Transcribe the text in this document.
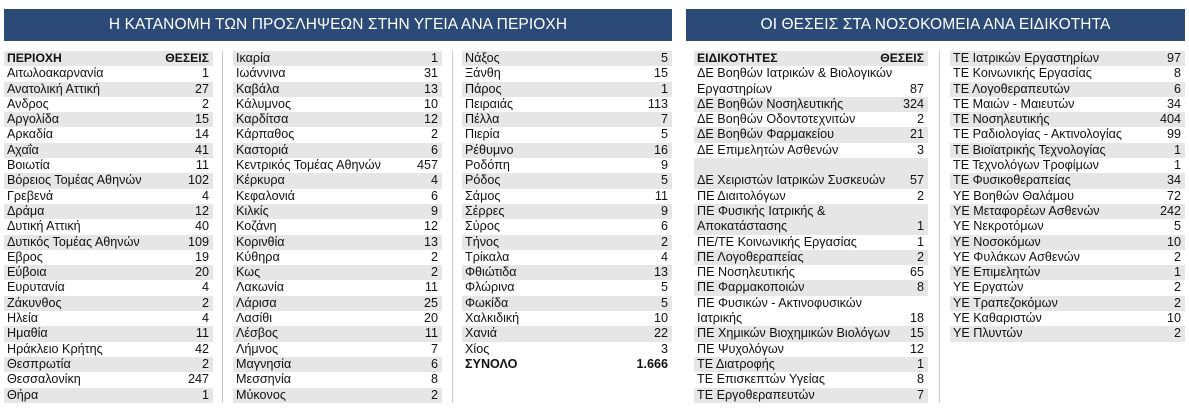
Η ΚΑΤΑΝΟΜΗ ΤΩΝ ΠΡΟΣΛΗΨΕΩΝ ΣΤΗΝ ΥΓΕΙΑ ΑΝΑ ΠΕΡΙΟΧΗ	ΟΙ ΘΕΣΕΙΣ ΣΤΑ ΝΟΣΟΚΟΜΕΙΑ ΑΝΑ ΕΙΔΙΚΟΤΗΤΑ
ΠΕΡΙΟΧΗ	ΘΕΣΕΙΣ
Αιτωλοακαρνανία	1
Ανατολική Αττική	27
Ανδρος	2
Αργολίδα	15
Αρκαδία	14
Αχαΐα	41
Βοιωτία	11
Βόρειος Τομέας Αθηνών	102
Γρεβενά	4
Δράμα	12
Δυτική Αττική	40
Δυτικός Τομέας Αθηνών	109
Εβρος	19
Εύβοια	20
Ευρυτανία	4
Ζάκυνθος	2
Ηλεία	4
Ημαθία	11
Ηράκλειο Κρήτης	42
Θεσπρωτία	2
Θεσσαλονίκη	247
Θήρα	1
Ικαρία	1
Ιωάννινα	31
Καβάλα	13
Κάλυμνος	10
Καρδίτσα	12
Κάρπαθος	2
Καστοριά	6
Κεντρικός Τομέας Αθηνών	457
Κέρκυρα	4
Κεφαλονιά	6
Κιλκίς	9
Κοζάνη	12
Κορινθία	13
Κύθηρα	2
Κως	2
Λακωνία	11
Λάρισα	25
Λασίθι	20
Λέσβος	11
Λήμνος	7
Μαγνησία	6
Μεσσηνία	8
Μύκονος	2
Νάξος	5
Ξάνθη	15
Πάρος	1
Πειραιάς	113
Πέλλα	7
Πιερία	5
Ρέθυμνο	16
Ροδόπη	9
Ρόδος	5
Σάμος	11
Σέρρες	9
Σύρος	6
Τήνος	2
Τρίκαλα	4
Φθιώτιδα	13
Φλώρινα	5
Φωκίδα	5
Χαλκιδική	10
Χανιά	22
Χίος	3
ΣΥΝΟΛΟ	1.666
ΕΙΔΙΚΟΤΗΤΕΣ	ΘΕΣΕΙΣ
ΔΕ Βοηθών Ιατρικών & Βιολογικών Εργαστηρίων	87
ΔΕ Βοηθών Νοσηλευτικής	324
ΔΕ Βοηθών Οδοντοτεχνιτών	2
ΔΕ Βοηθών Φαρμακείου	21
ΔΕ Επιμελητών Ασθενών	3
ΔΕ Χειριστών Ιατρικών Συσκευών	57
ΠΕ Διαιτολόγων	2
ΠΕ Φυσικής Ιατρικής & Αποκατάστασης	1
ΠΕ/ΤΕ Κοινωνικής Εργασίας	1
ΠΕ Λογοθεραπείας	2
ΠΕ Νοσηλευτικής	65
ΠΕ Φαρμακοποιών	8
ΠΕ Φυσικών - Ακτινοφυσικών Ιατρικής	18
ΠΕ Χημικών Βιοχημικών Βιολόγων	15
ΠΕ Ψυχολόγων	12
ΤΕ Διατροφής	1
ΤΕ Επισκεπτών Υγείας	8
ΤΕ Εργοθεραπευτών	7
ΤΕ Ιατρικών Εργαστηρίων	97
ΤΕ Κοινωνικής Εργασίας	8
ΤΕ Λογοθεραπευτών	6
ΤΕ Μαιών - Μαιευτών	34
ΤΕ Νοσηλευτικής	404
ΤΕ Ραδιολογίας - Ακτινολογίας	99
ΤΕ Βιοϊατρικής Τεχνολογίας	1
ΤΕ Τεχνολόγων Τροφίμων	1
ΤΕ Φυσικοθεραπείας	34
ΥΕ Βοηθών Θαλάμου	72
ΥΕ Μεταφορέων Ασθενών	242
ΥΕ Νεκροτόμων	5
ΥΕ Νοσοκόμων	10
ΥΕ Φυλάκων Ασθενών	2
ΥΕ Επιμελητών	1
ΥΕ Εργατών	2
ΥΕ Τραπεζοκόμων	2
ΥΕ Καθαριστών	10
ΥΕ Πλυντών	2
